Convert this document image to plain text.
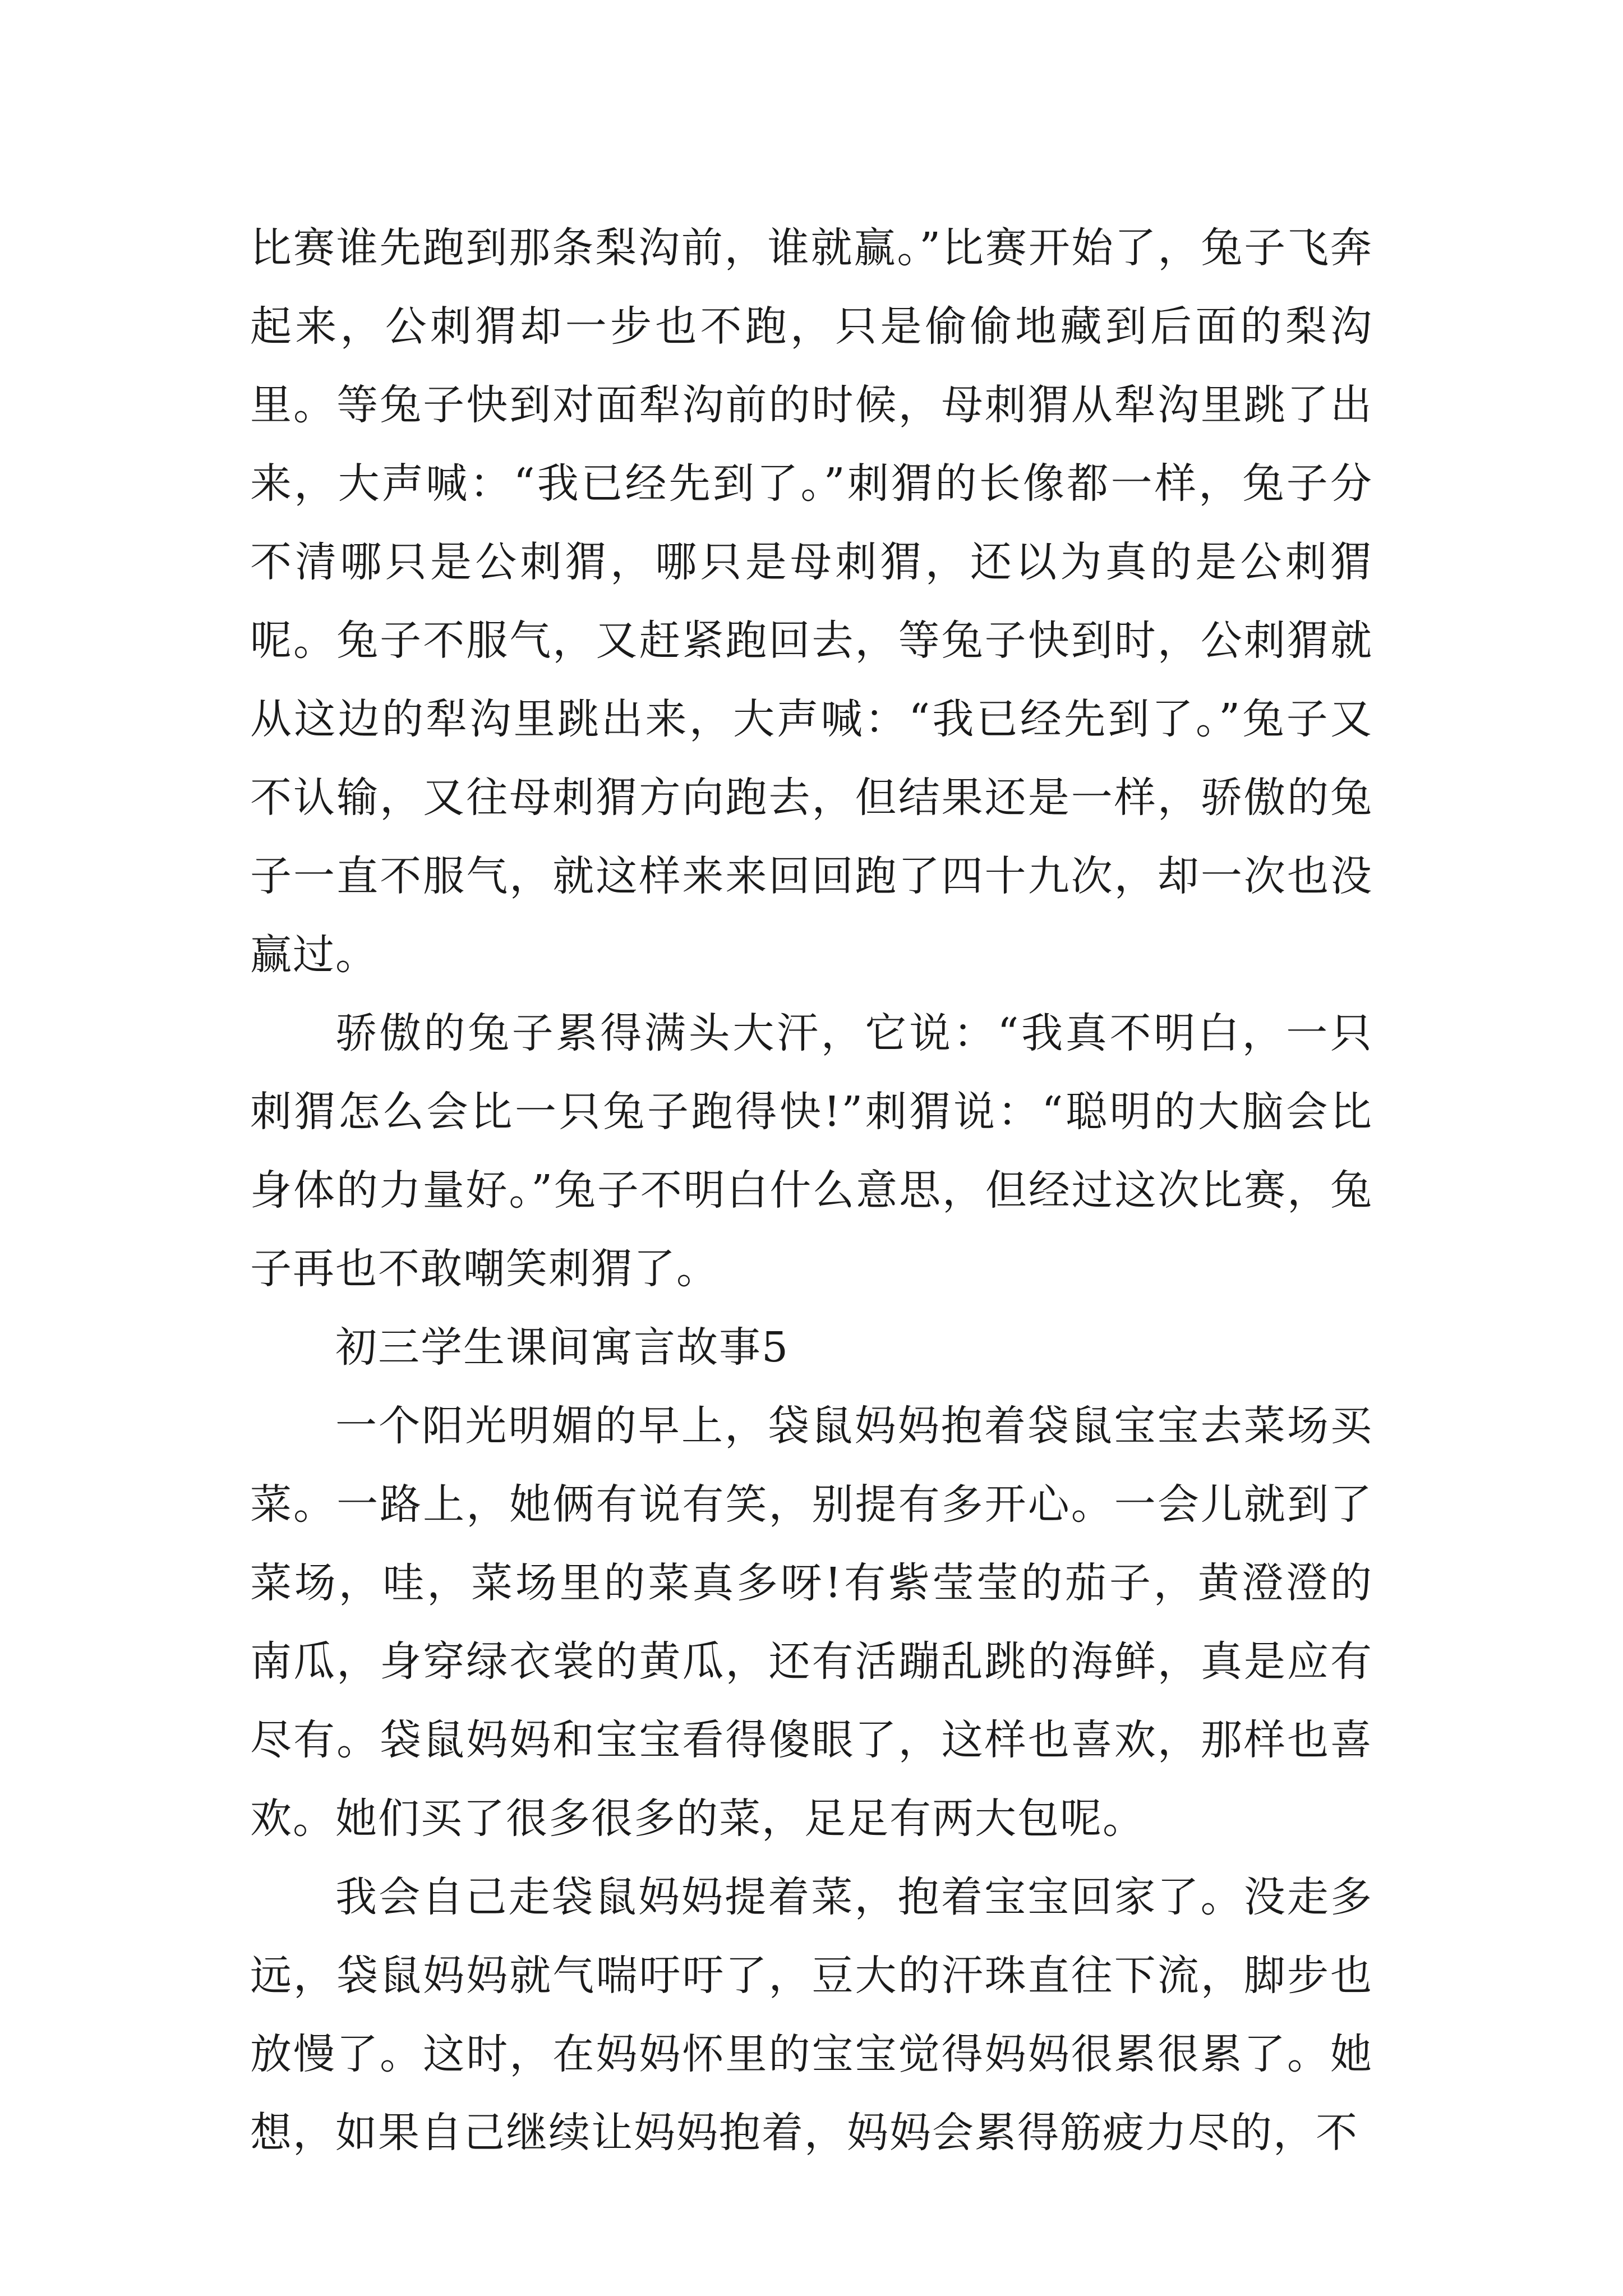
比赛谁先跑到那条梨沟前，谁就赢。”比赛开始了，兔子飞奔起来，公刺猬却一步也不跑，只是偷偷地藏到后面的梨沟里。等兔子快到对面犁沟前的时候，母刺猬从犁沟里跳了出来，大声喊：“我已经先到了。”刺猬的长像都一样，兔子分不清哪只是公刺猬，哪只是母刺猬，还以为真的是公刺猬呢。兔子不服气，又赶紧跑回去，等兔子快到时，公刺猬就从这边的犁沟里跳出来，大声喊：“我已经先到了。”兔子又不认输，又往母刺猬方向跑去，但结果还是一样，骄傲的兔子一直不服气，就这样来来回回跑了四十九次，却一次也没赢过。

骄傲的兔子累得满头大汗，它说：“我真不明白，一只刺猬怎么会比一只兔子跑得快!”刺猬说：“聪明的大脑会比身体的力量好。”兔子不明白什么意思，但经过这次比赛，兔子再也不敢嘲笑刺猬了。

初三学生课间寓言故事5

一个阳光明媚的早上，袋鼠妈妈抱着袋鼠宝宝去菜场买菜。一路上，她俩有说有笑，别提有多开心。一会儿就到了菜场，哇，菜场里的菜真多呀!有紫莹莹的茄子，黄澄澄的南瓜，身穿绿衣裳的黄瓜，还有活蹦乱跳的海鲜，真是应有尽有。袋鼠妈妈和宝宝看得傻眼了，这样也喜欢，那样也喜欢。她们买了很多很多的菜，足足有两大包呢。

我会自己走袋鼠妈妈提着菜，抱着宝宝回家了。没走多远，袋鼠妈妈就气喘吁吁了，豆大的汗珠直往下流，脚步也放慢了。这时，在妈妈怀里的宝宝觉得妈妈很累很累了。她想，如果自己继续让妈妈抱着，妈妈会累得筋疲力尽的，不
